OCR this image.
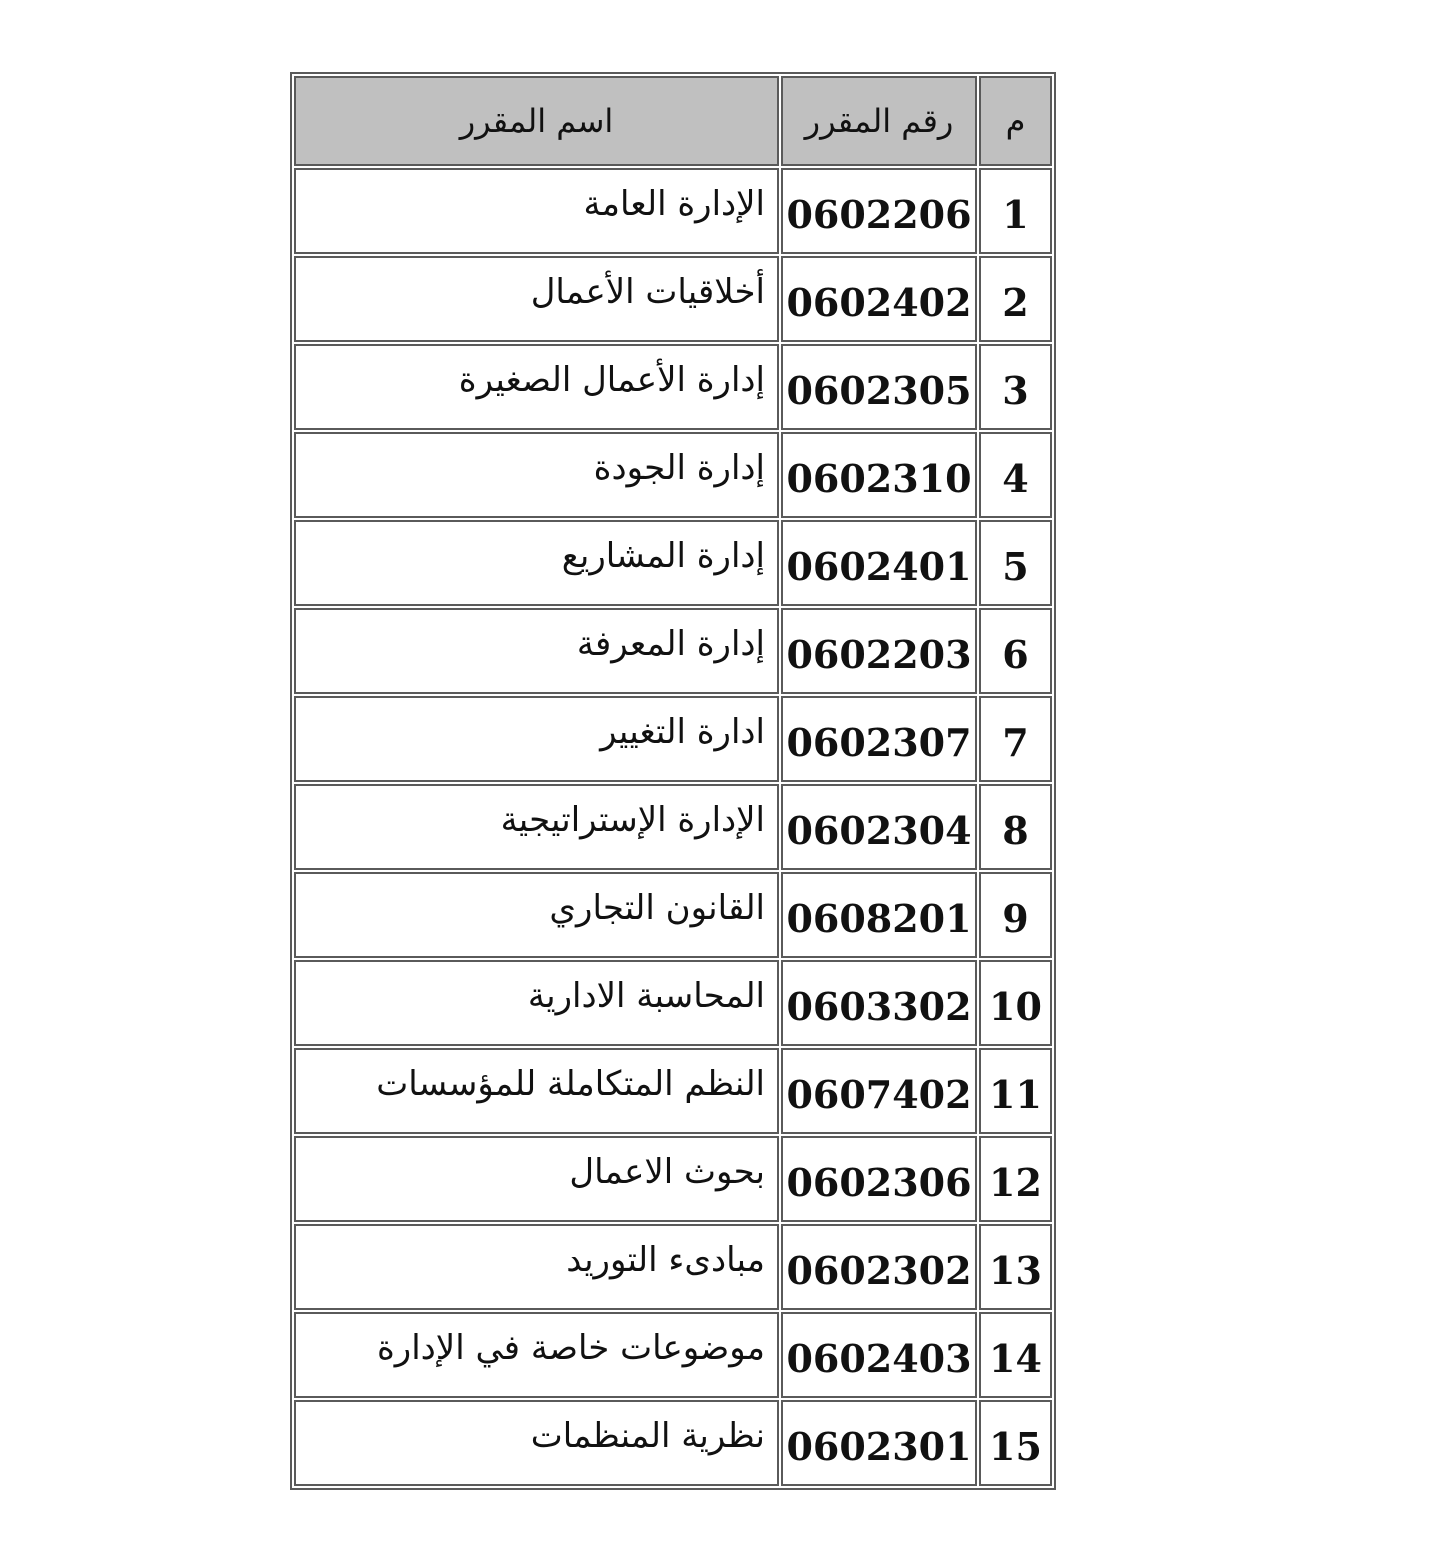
م	رقم المقرر	اسم المقرر
1	0602206	الإدارة العامة
2	0602402	أخلاقيات الأعمال
3	0602305	إدارة الأعمال الصغيرة
4	0602310	إدارة الجودة
5	0602401	إدارة المشاريع
6	0602203	إدارة المعرفة
7	0602307	ادارة التغيير
8	0602304	الإدارة الإستراتيجية
9	0608201	القانون التجاري
10	0603302	المحاسبة الادارية
11	0607402	النظم المتكاملة للمؤسسات
12	0602306	بحوث الاعمال
13	0602302	مبادىء التوريد
14	0602403	موضوعات خاصة في الإدارة
15	0602301	نظرية المنظمات
